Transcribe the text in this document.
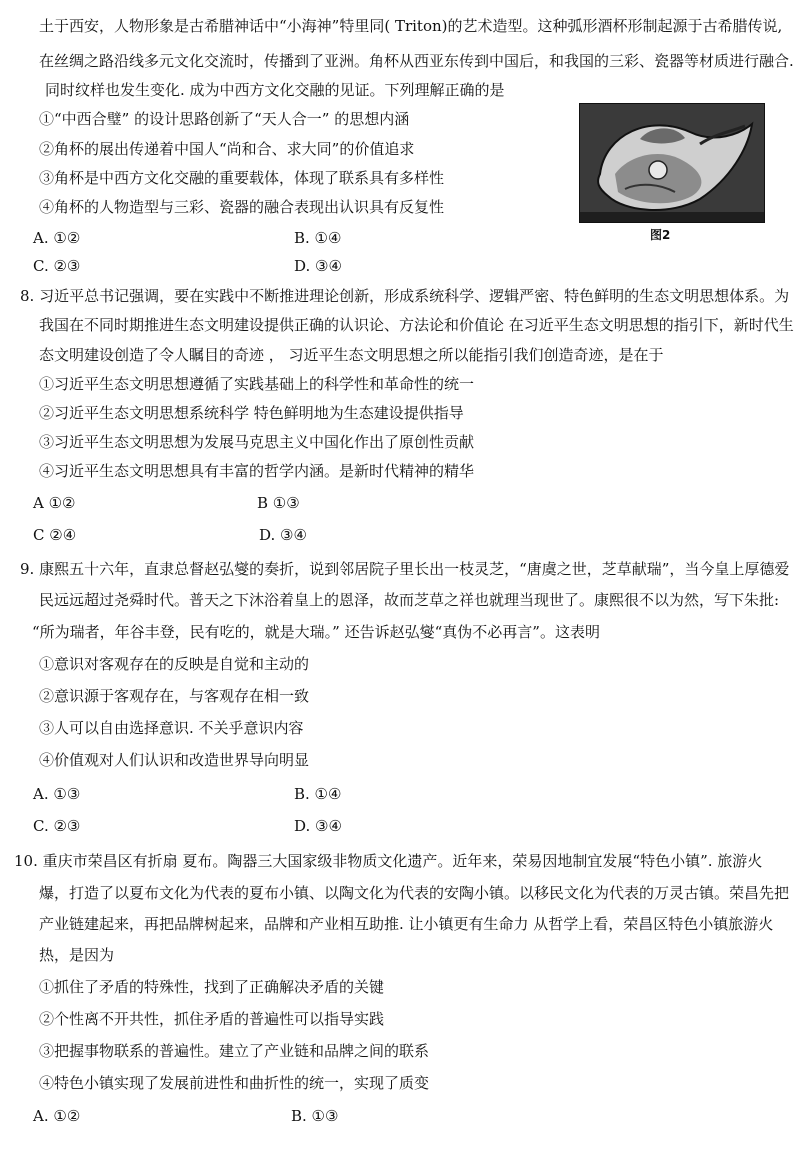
土于西安，人物形象是古希腊神话中“小海神”特里同( Triton)的艺术造型。这种弧形酒杯形制起源于古希腊传说,
在丝绸之路沿线多元文化交流时，传播到了亚洲。角杯从西亚东传到中国后，和我国的三彩、瓷器等材质进行融合.
同时纹样也发生变化. 成为中西方文化交融的见证。下列理解正确的是
①“中西合璧” 的设计思路创新了“天人合一” 的思想内涵
②角杯的展出传递着中国人“尚和合、求大同”的价值追求
③角杯是中西方文化交融的重要载体，体现了联系具有多样性
④角杯的人物造型与三彩、瓷器的融合表现出认识具有反复性
A. ①②	B. ①④
C. ②③	D. ③④
图2
8. 习近平总书记强调，要在实践中不断推进理论创新，形成系统科学、逻辑严密、特色鲜明的生态文明思想体系。为
我国在不同时期推进生态文明建设提供正确的认识论、方法论和价值论 在习近平生态文明思想的指引下，新时代生
态文明建设创造了令人瞩目的奇迹 ， 习近平生态文明思想之所以能指引我们创造奇迹，是在于
①习近平生态文明思想遵循了实践基础上的科学性和革命性的统一
②习近平生态文明思想系统科学 特色鲜明地为生态建设提供指导
③习近平生态文明思想为发展马克思主义中国化作出了原创性贡献
④习近平生态文明思想具有丰富的哲学内涵。是新时代精神的精华
A ①②	B ①③
C ②④	D. ③④
9. 康熙五十六年，直隶总督赵弘燮的奏折，说到邻居院子里长出一枝灵芝，“唐虞之世，芝草献瑞”，当今皇上厚德爱
民远远超过尧舜时代。普天之下沐浴着皇上的恩泽，故而芝草之祥也就理当现世了。康熙很不以为然，写下朱批:
“所为瑞者，年谷丰登，民有吃的，就是大瑞。” 还告诉赵弘燮“真伪不必再言”。这表明
①意识对客观存在的反映是自觉和主动的
②意识源于客观存在，与客观存在相一致
③人可以自由选择意识. 不关乎意识内容
④价值观对人们认识和改造世界导向明显
A. ①③	B. ①④
C. ②③	D. ③④
10. 重庆市荣昌区有折扇 夏布。陶器三大国家级非物质文化遗产。近年来，荣易因地制宜发展“特色小镇”. 旅游火
爆，打造了以夏布文化为代表的夏布小镇、以陶文化为代表的安陶小镇。以移民文化为代表的万灵古镇。荣昌先把
产业链建起来，再把品牌树起来，品牌和产业相互助推. 让小镇更有生命力 从哲学上看，荣昌区特色小镇旅游火
热，是因为
①抓住了矛盾的特殊性，找到了正确解决矛盾的关键
②个性离不开共性，抓住矛盾的普遍性可以指导实践
③把握事物联系的普遍性。建立了产业链和品牌之间的联系
④特色小镇实现了发展前进性和曲折性的统一，实现了质变
A. ①②	B. ①③
